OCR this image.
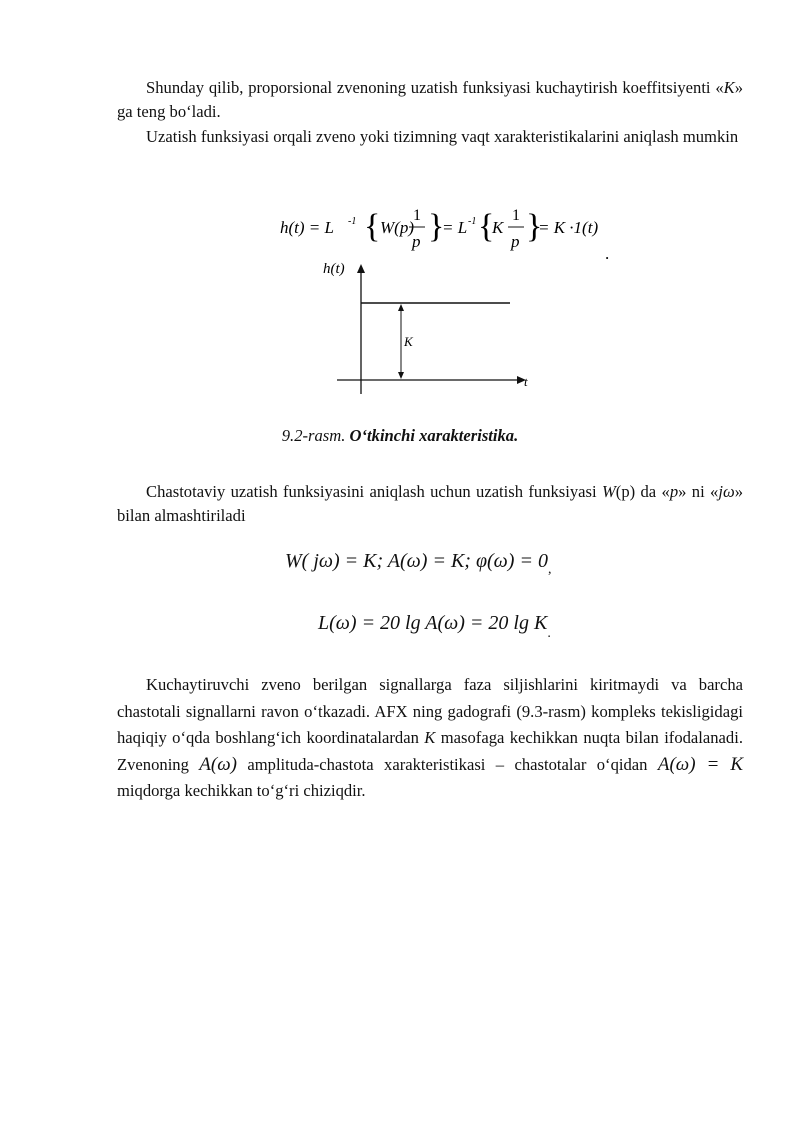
Shunday qilib, proporsional zvenoning uzatish funksiyasi kuchaytirish koeffitsiyenti «K» ga teng bo‘ladi.
Uzatish funksiyasi orqali zveno yoki tizimning vaqt xarakteristikalarini aniqlash mumkin
h(t) = L -1 { W(p)
1
p }
= L -1 {
K
1
p }
= K ·1(t)
.
K
h(t)
t
9.2-rasm. O‘tkinchi xarakteristika.
Chastotaviy uzatish funksiyasini aniqlash uchun uzatish funksiyasi W(p) da «p» ni «jω» bilan almashtiriladi
W( jω) = K; A(ω) = K; $\varphi(\omega) = 0_,$
L(ω) = 20 lg A(ω) = 20 $\lg K_.$
Kuchaytiruvchi zveno berilgan signallarga faza siljishlarini kiritmaydi va barcha chastotali signallarni ravon o‘tkazadi. AFX ning gadografi (9.3-rasm) kompleks tekisligidagi haqiqiy o‘qda boshlang‘ich koordinatalardan K masofaga kechikkan nuqta bilan ifodalanadi. Zvenoning A(ω) amplituda-chastota xarakteristikasi – chastotalar o‘qidan A(ω) = K miqdorga kechikkan to‘g‘ri chiziqdir.
